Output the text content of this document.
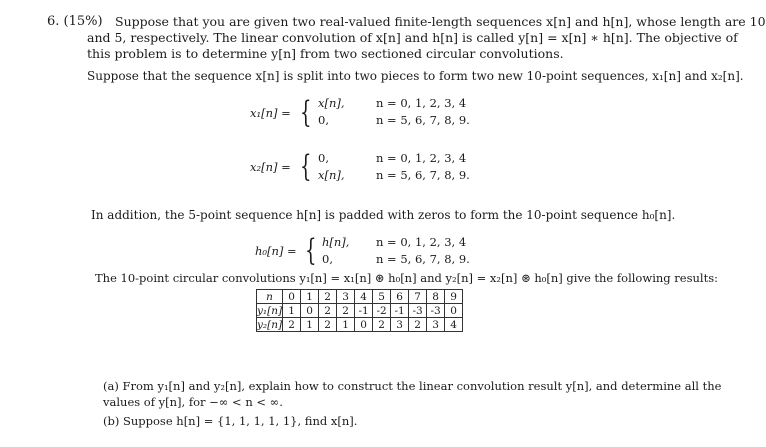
6. (15%) Suppose that you are given two real-valued finite-length sequences x[n] and h[n], whose length are 10
and 5, respectively. The linear convolution of x[n] and h[n] is called y[n] = x[n] ∗ h[n]. The objective of
this problem is to determine y[n] from two sectioned circular convolutions.
Suppose that the sequence x[n] is split into two pieces to form two new 10-point sequences, x₁[n] and x₂[n].
x₁[n] = { x[n],	n = 0, 1, 2, 3, 4
0,	n = 5, 6, 7, 8, 9.
x₂[n] = { 0,	n = 0, 1, 2, 3, 4
x[n],	n = 5, 6, 7, 8, 9.
In addition, the 5-point sequence h[n] is padded with zeros to form the 10-point sequence h₀[n].
h₀[n] = { h[n], n = 0, 1, 2, 3, 4
0,	n = 5, 6, 7, 8, 9.
The 10-point circular convolutions y₁[n] = x₁[n] ⊛ h₀[n] and y₂[n] = x₂[n] ⊛ h₀[n] give the following results:
n	0	1	2	3	4	5	6	7	8	9
y₁[n]	1	0	2	2	-1	-2	-1	-3	-3	0
y₂[n]	2	1	2	1	0	2	3	2	3	4
(a) From y₁[n] and y₂[n], explain how to construct the linear convolution result y[n], and determine all the
values of y[n], for −∞ < n < ∞.
(b) Suppose h[n] = {1, 1, 1, 1, 1}, find x[n].
